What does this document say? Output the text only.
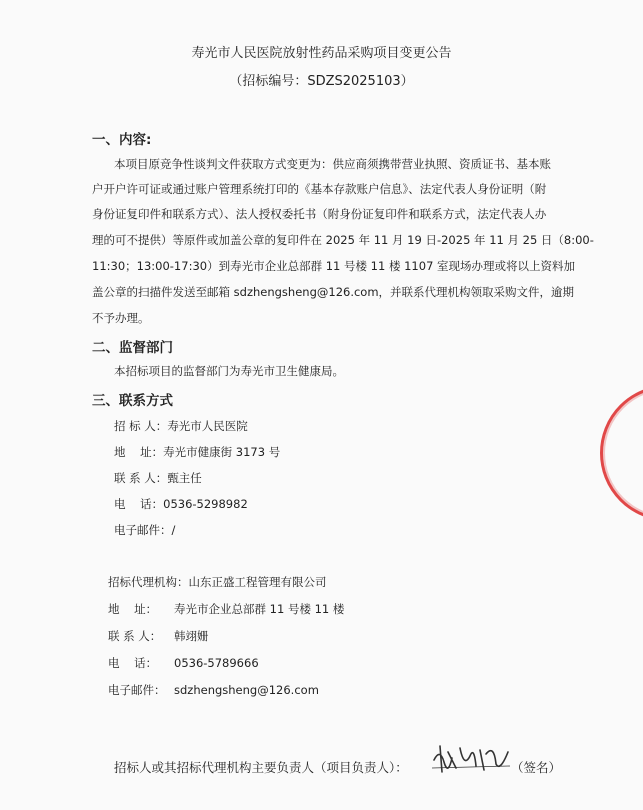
寿光市人民医院放射性药品采购项目变更公告
（招标编号：SDZS2025103）
一、内容:
本项目原竞争性谈判文件获取方式变更为：供应商须携带营业执照、资质证书、基本账
户开户许可证或通过账户管理系统打印的《基本存款账户信息》、法定代表人身份证明（附
身份证复印件和联系方式）、法人授权委托书（附身份证复印件和联系方式，法定代表人办
理的可不提供）等原件或加盖公章的复印件在 2025 年 11 月 19 日-2025 年 11 月 25 日（8:00-
11:30；13:00-17:30）到寿光市企业总部群 11 号楼 11 楼 1107 室现场办理或将以上资料加
盖公章的扫描件发送至邮箱 sdzhengsheng@126.com，并联系代理机构领取采购文件，逾期
不予办理。
二、监督部门
本招标项目的监督部门为寿光市卫生健康局。
三、联系方式
招 标 人：寿光市人民医院
地    址：寿光市健康街 3173 号
联 系 人：甄主任
电    话：0536-5298982
电子邮件：/
招标代理机构：山东正盛工程管理有限公司
地    址： 寿光市企业总部群 11 号楼 11 楼
联 系 人： 韩翊姗
电    话： 0536-5789666
电子邮件： sdzhengsheng@126.com
招标人或其招标代理机构主要负责人（项目负责人）：	（签名）
